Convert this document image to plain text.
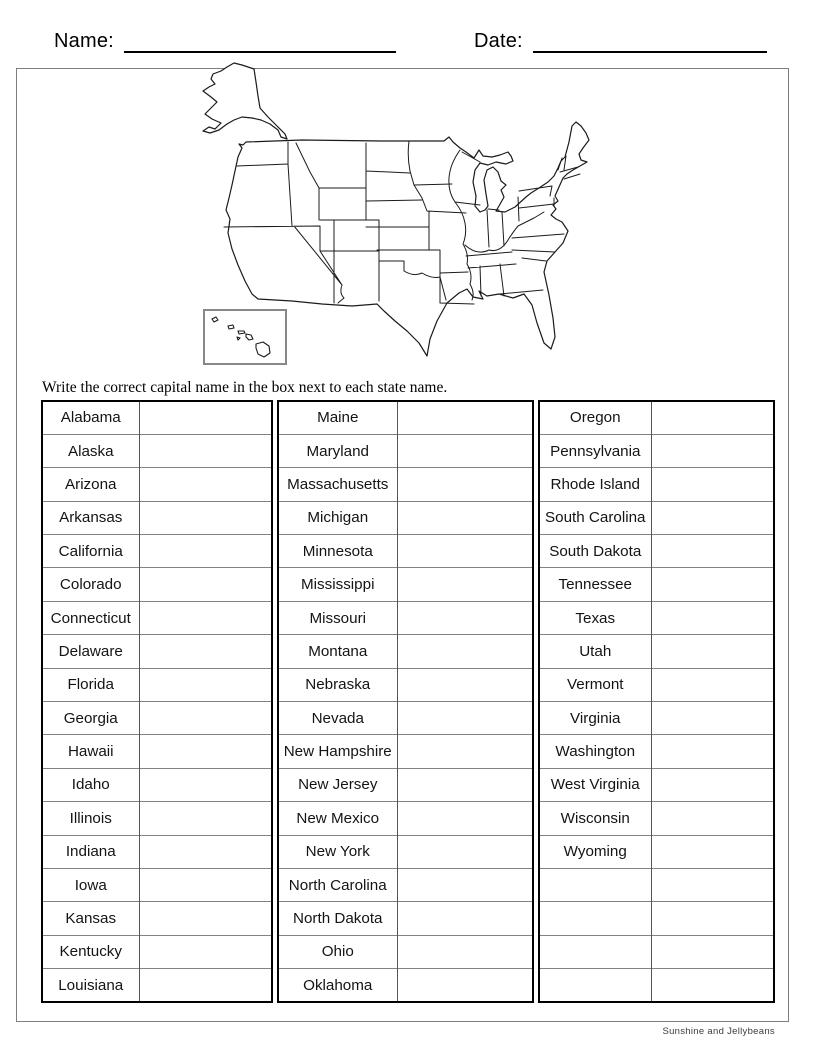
Name:	Date:
Write the correct capital name in the box next to each state name.
Alabama	
Alaska	
Arizona	
Arkansas	
California	
Colorado	
Connecticut	
Delaware	
Florida	
Georgia	
Hawaii	
Idaho	
Illinois	
Indiana	
Iowa	
Kansas	
Kentucky	
Louisiana	
Maine	
Maryland	
Massachusetts	
Michigan	
Minnesota	
Mississippi	
Missouri	
Montana	
Nebraska	
Nevada	
New Hampshire	
New Jersey	
New Mexico	
New York	
North Carolina	
North Dakota	
Ohio	
Oklahoma	
Oregon	
Pennsylvania	
Rhode Island	
South Carolina	
South Dakota	
Tennessee	
Texas	
Utah	
Vermont	
Virginia	
Washington	
West Virginia	
Wisconsin	
Wyoming	

Sunshine and Jellybeans
